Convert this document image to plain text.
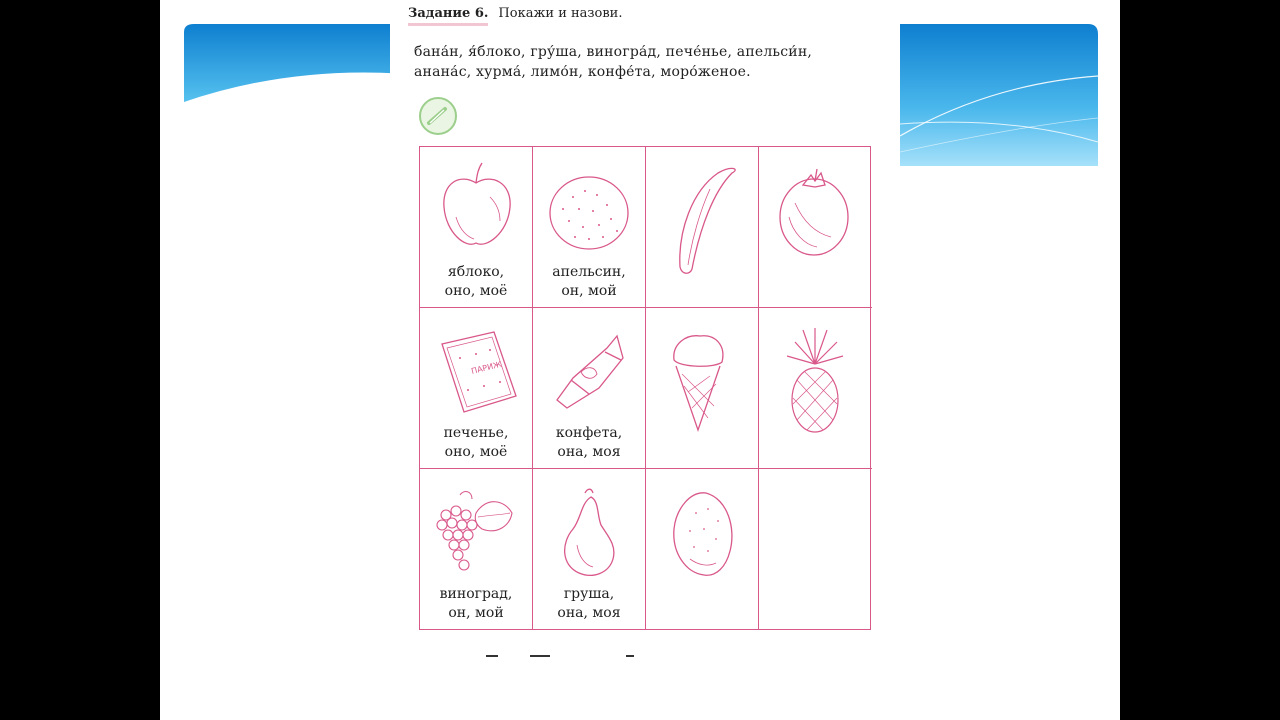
Задание 6. Покажи и назови.
бана́н, я́блоко, гру́ша, виногра́д, пече́нье, апельси́н,
анана́с, хурма́, лимо́н, конфе́та, моро́женое.
яблоко,
оно, моё
апельсин,
он, мой
ПАРИЖ
печенье,
оно, моё
конфета,
она, моя
виноград,
он, мой
груша,
она, моя
